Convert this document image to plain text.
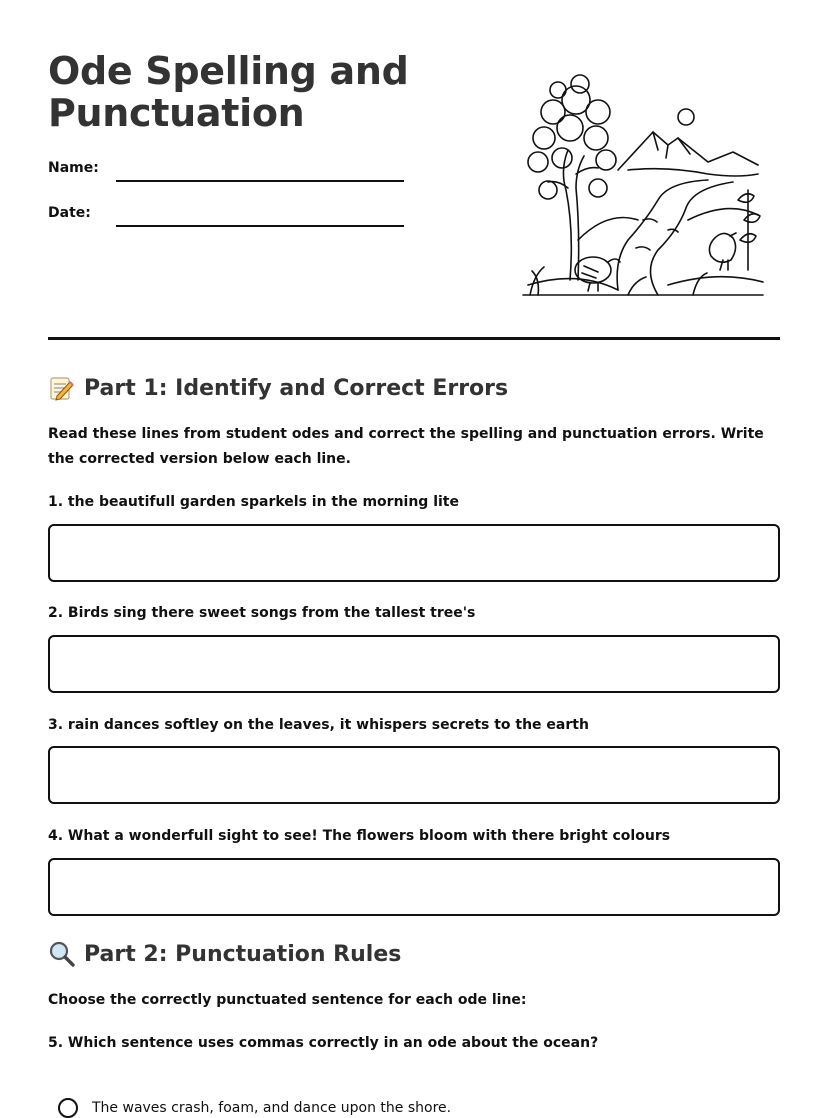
Ode Spelling and Punctuation
Name:
Date:
Part 1: Identify and Correct Errors

Read these lines from student odes and correct the spelling and punctuation errors. Write the corrected version below each line.

1. the beautifull garden sparkels in the morning lite

2. Birds sing there sweet songs from the tallest tree's

3. rain dances softley on the leaves, it whispers secrets to the earth

4. What a wonderfull sight to see! The flowers bloom with there bright colours

Part 2: Punctuation Rules

Choose the correctly punctuated sentence for each ode line:

5. Which sentence uses commas correctly in an ode about the ocean?

The waves crash, foam, and dance upon the shore.
